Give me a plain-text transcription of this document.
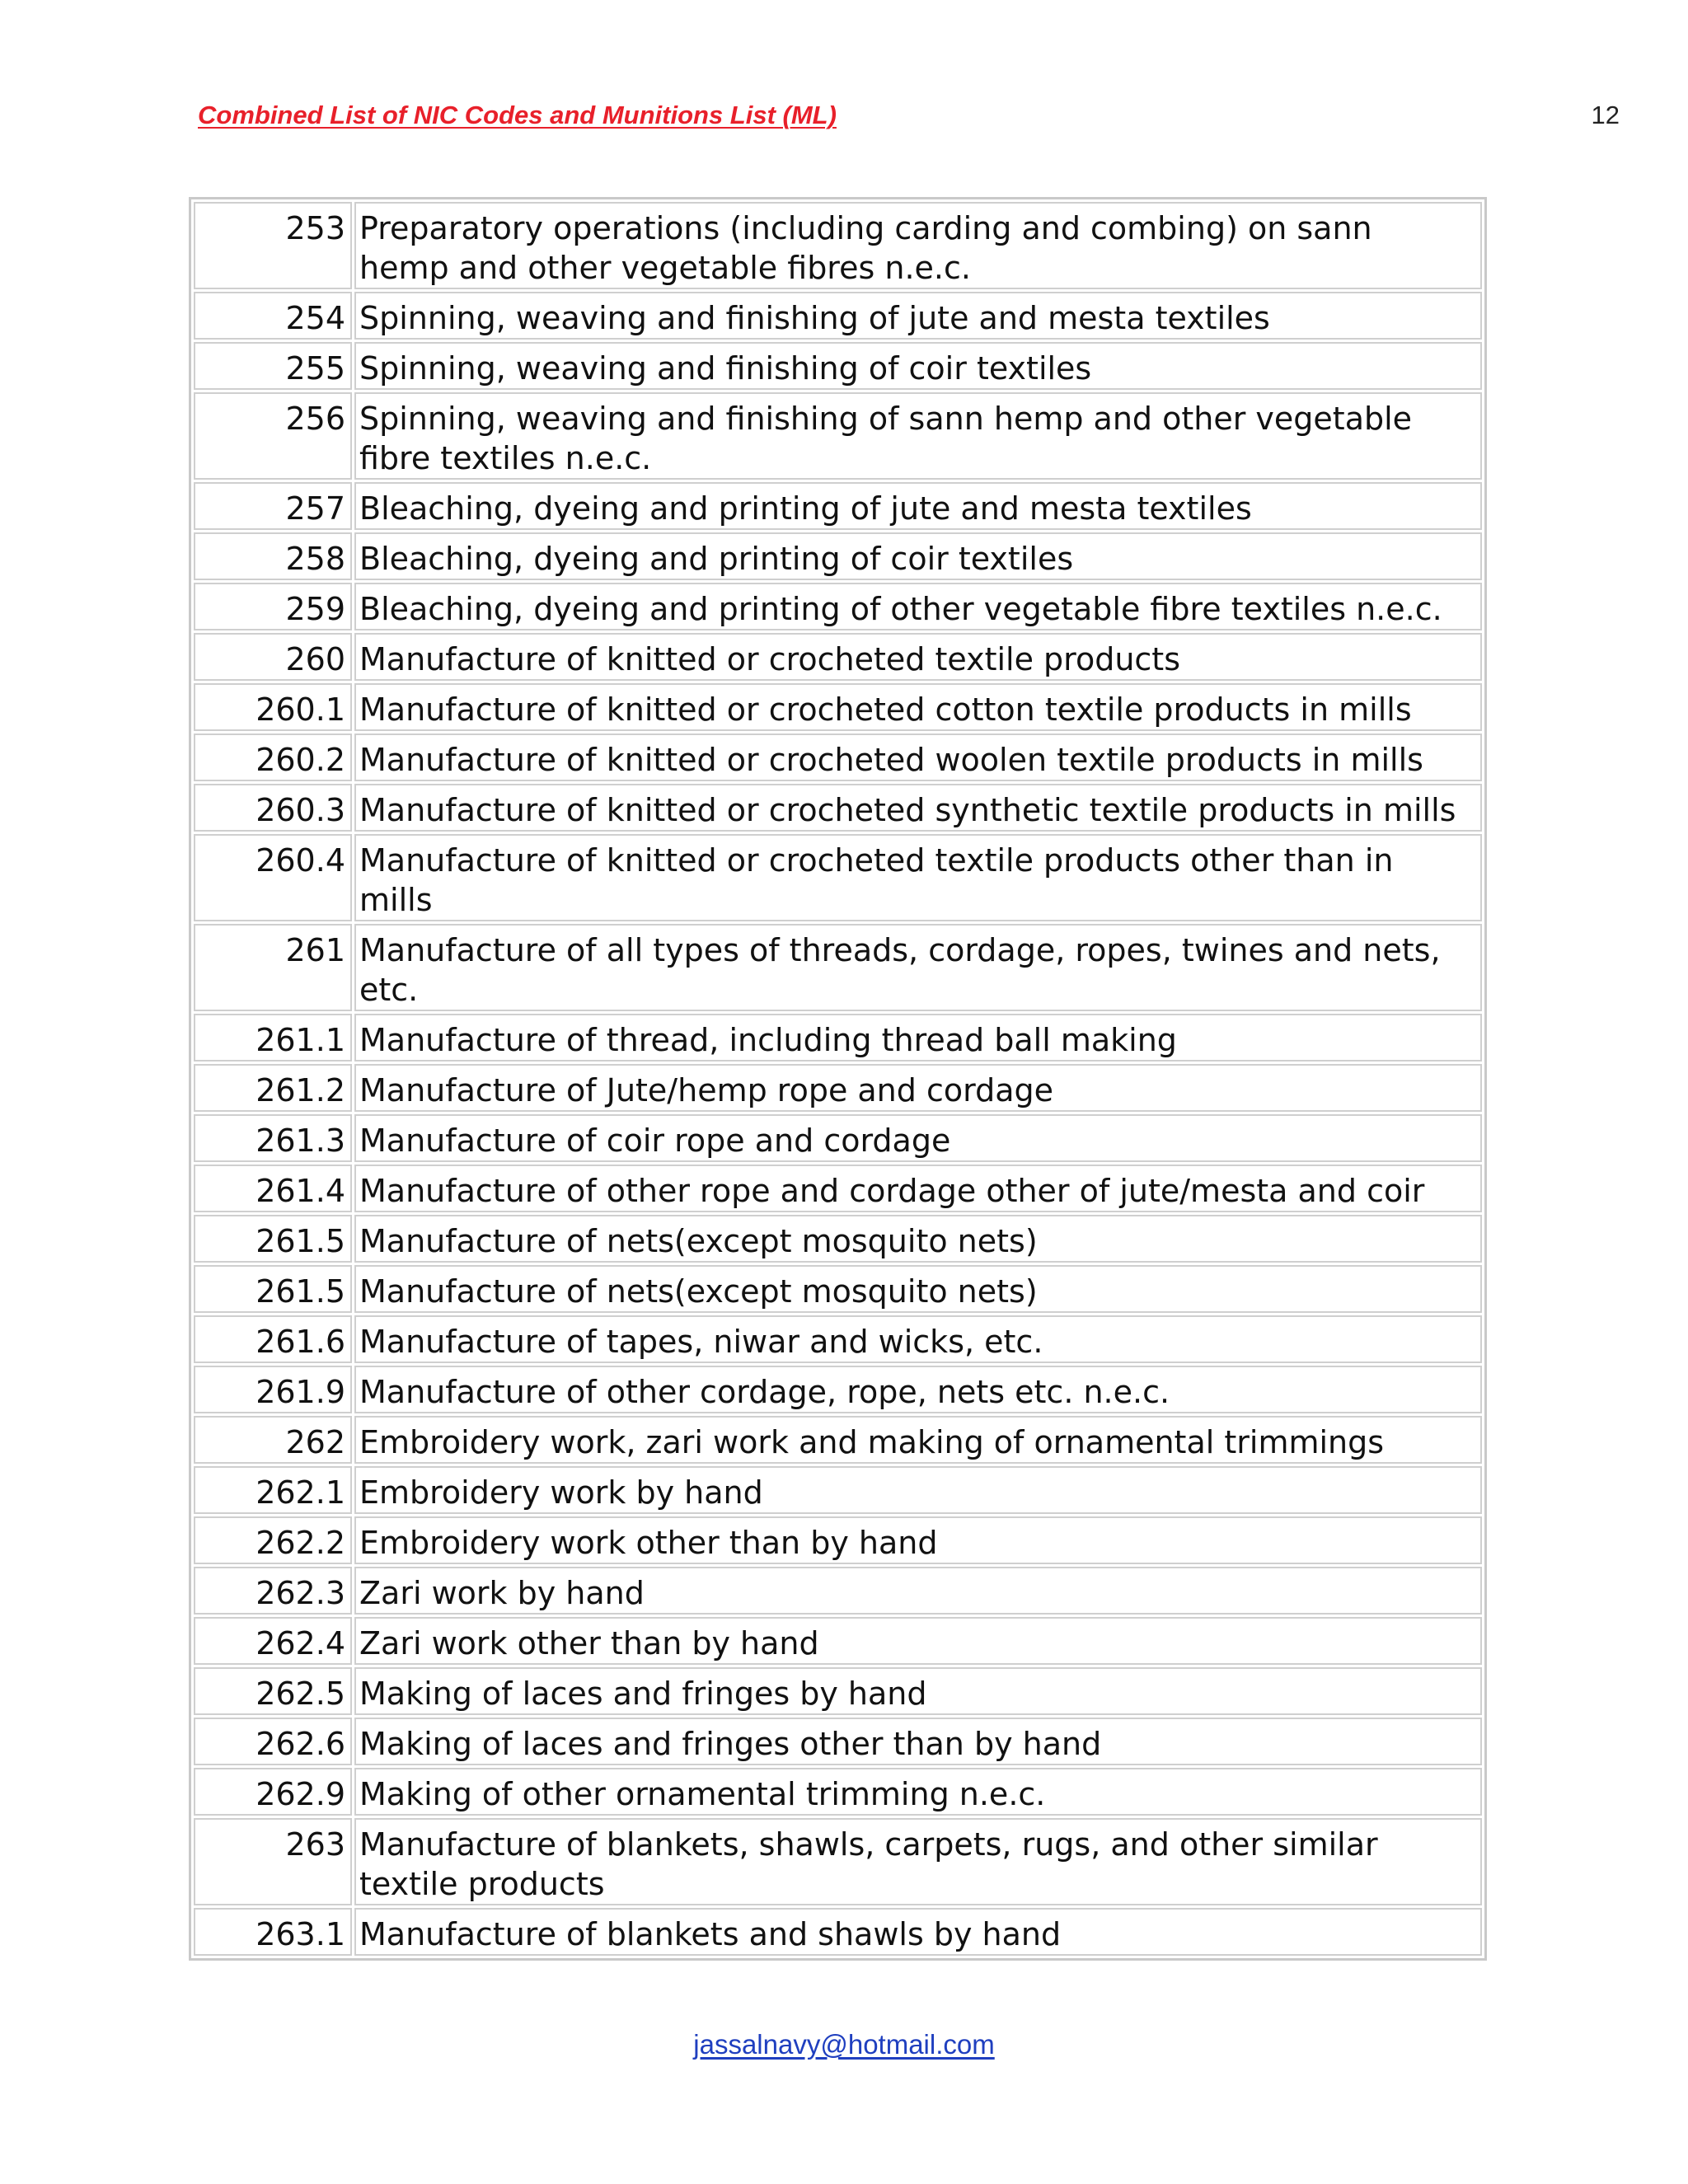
Combined List of NIC Codes and Munitions List (ML)	12
253	Preparatory operations (including carding and combing) on sann hemp and other vegetable fibres n.e.c.
254	Spinning, weaving and finishing of jute and mesta textiles
255	Spinning, weaving and finishing of coir textiles
256	Spinning, weaving and finishing of sann hemp and other vegetable fibre textiles n.e.c.
257	Bleaching, dyeing and printing of jute and mesta textiles
258	Bleaching, dyeing and printing of coir textiles
259	Bleaching, dyeing and printing of other vegetable fibre textiles n.e.c.
260	Manufacture of knitted or crocheted textile products
260.1	Manufacture of knitted or crocheted cotton textile products in mills
260.2	Manufacture of knitted or crocheted woolen textile products in mills
260.3	Manufacture of knitted or crocheted synthetic textile products in mills
260.4	Manufacture of knitted or crocheted textile products other than in mills
261	Manufacture of all types of threads, cordage, ropes, twines and nets, etc.
261.1	Manufacture of thread, including thread ball making
261.2	Manufacture of Jute/hemp rope and cordage
261.3	Manufacture of coir rope and cordage
261.4	Manufacture of other rope and cordage other of jute/mesta and coir
261.5	Manufacture of nets(except mosquito nets)
261.5	Manufacture of nets(except mosquito nets)
261.6	Manufacture of tapes, niwar and wicks, etc.
261.9	Manufacture of other cordage, rope, nets etc. n.e.c.
262	Embroidery work, zari work and making of ornamental trimmings
262.1	Embroidery work by hand
262.2	Embroidery work other than by hand
262.3	Zari work by hand
262.4	Zari work other than by hand
262.5	Making of laces and fringes by hand
262.6	Making of laces and fringes other than by hand
262.9	Making of other ornamental trimming n.e.c.
263	Manufacture of blankets, shawls, carpets, rugs, and other similar textile products
263.1	Manufacture of blankets and shawls by hand
jassalnavy@hotmail.com
